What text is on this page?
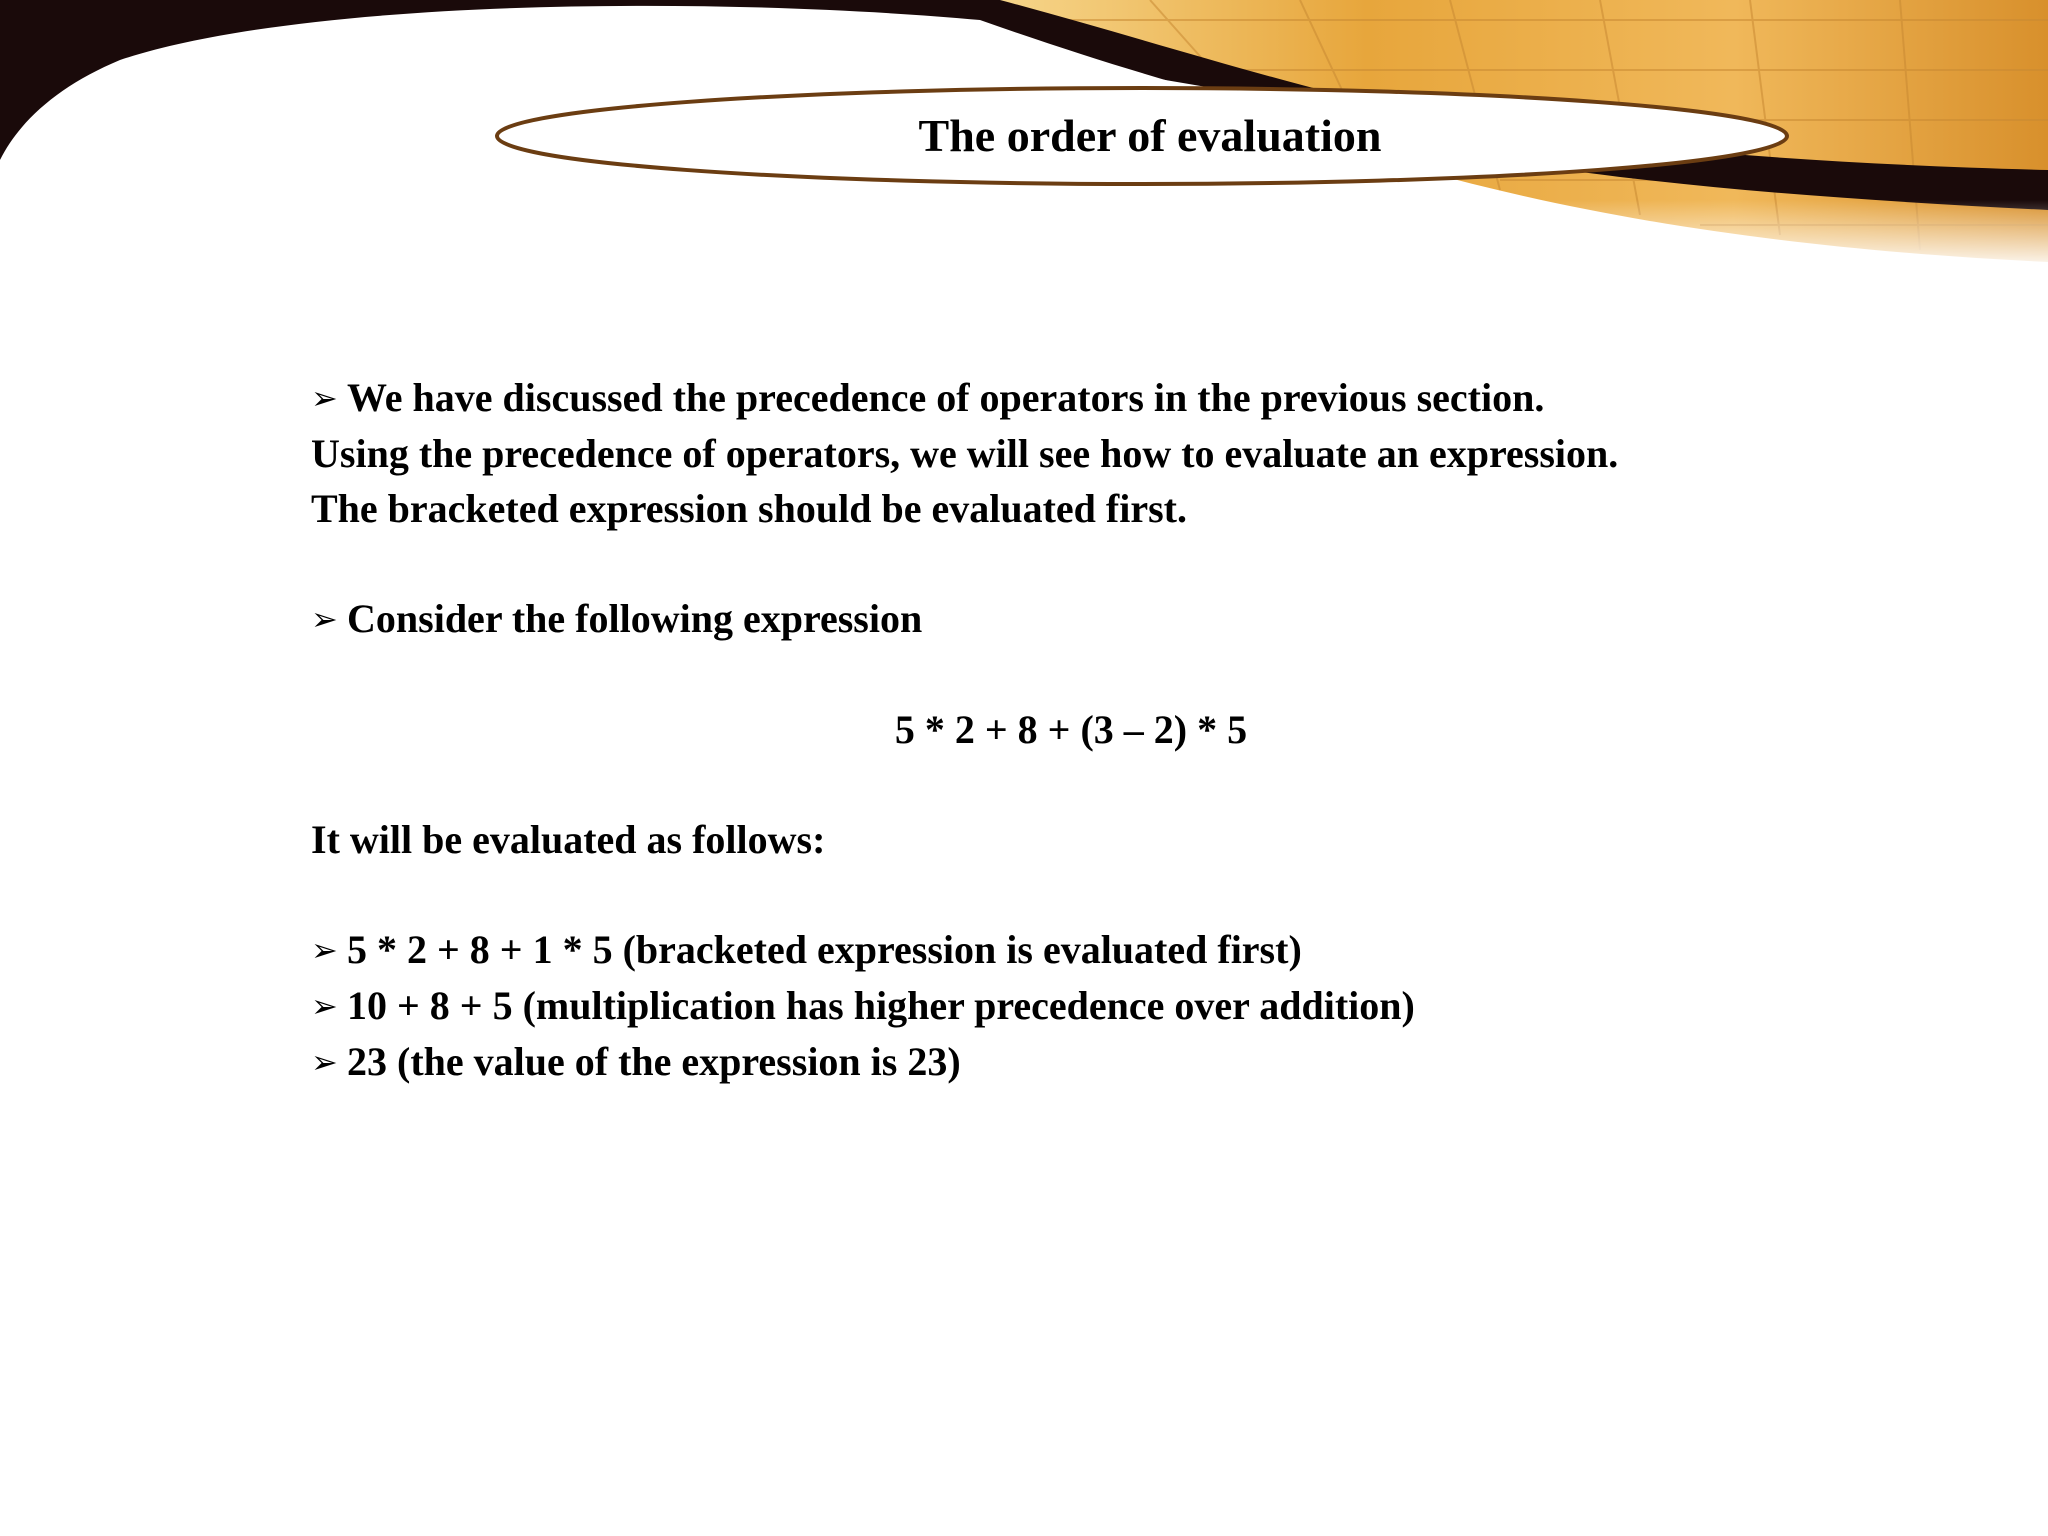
The order of evaluation

➢ We have discussed the precedence of operators in the previous section.

Using the precedence of operators, we will see how to evaluate an expression.

The bracketed expression should be evaluated first.

➢ Consider the following expression

5 * 2 + 8 + (3 – 2) * 5

It will be evaluated as follows:

➢ 5 * 2 + 8 + 1 * 5 (bracketed expression is evaluated first)

➢ 10 + 8 + 5 (multiplication has higher precedence over addition)

➢ 23 (the value of the expression is 23)
